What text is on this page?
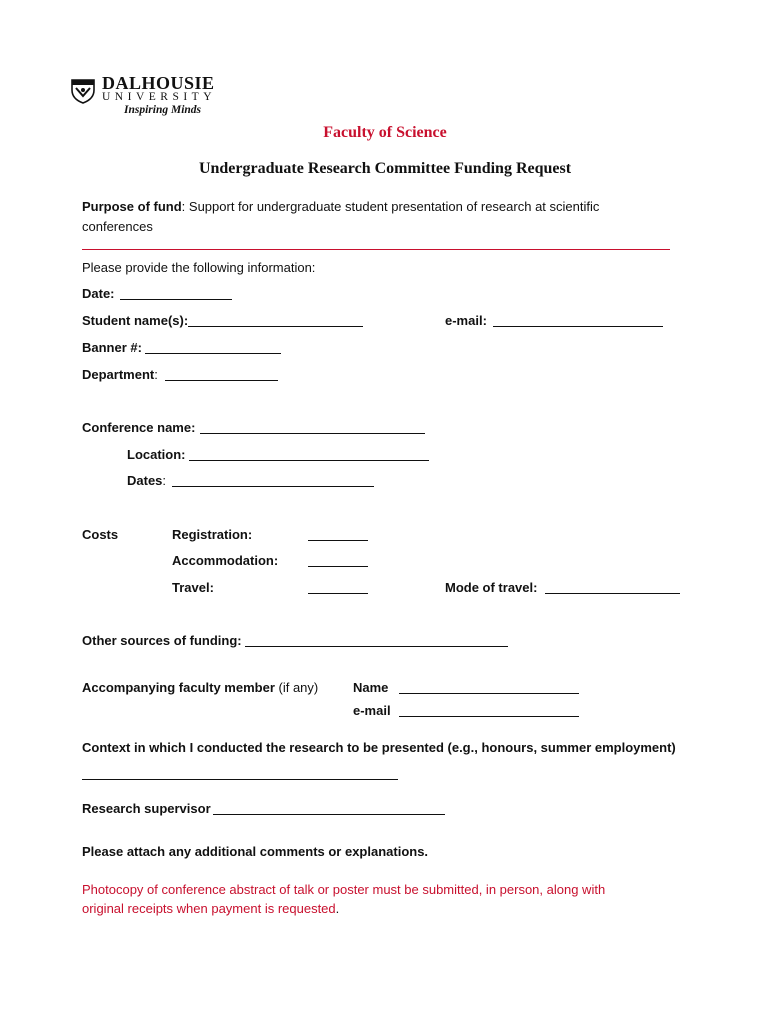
DALHOUSIE
UNIVERSITY
Inspiring Minds
Faculty of Science
Undergraduate Research Committee Funding Request
Purpose of fund: Support for undergraduate student presentation of research at scientific
conferences
Please provide the following information:
Date:
Student name(s):	e-mail:
Banner #:
Department:
Conference name:
Location:
Dates:
Costs	Registration:
Accommodation:
Travel:	Mode of travel:
Other sources of funding:
Accompanying faculty member (if any)	Name
e-mail
Context in which I conducted the research to be presented (e.g., honours, summer employment)
Research supervisor
Please attach any additional comments or explanations.
Photocopy of conference abstract of talk or poster must be submitted, in person, along with
original receipts when payment is requested.
